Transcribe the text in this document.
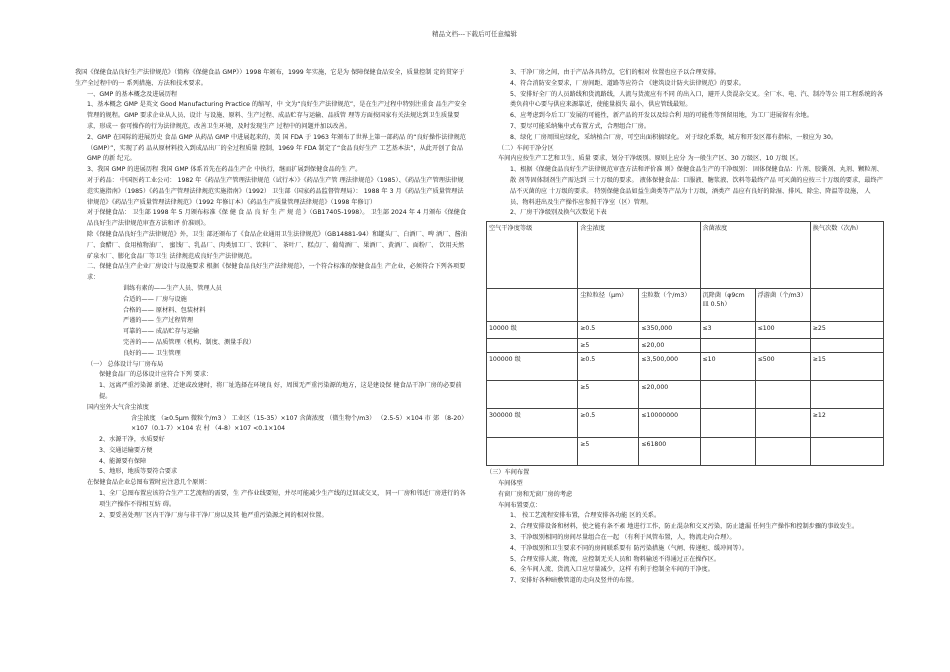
精品文档---下载后可任意编辑

我国《保健食品良好生产法律规范》（简称《保健食品 GMP》）1998 年颁布，1999 年实施，它是为 保障保健食品安全，质量控制 定的贯穿于生产全过程中的一 系列措施、方法和技术要求。

一、GMP 的基本概念及进展历程

1、基本概念 GMP 是英文 Good Manufacturing Practice 的缩写，中 文为“良好生产法律规范”，是在生产过程中特别注重食 品生产安全管理的规程。GMP 要求企业从人员、设计 与设施、原料、生产过程、成品贮存与运输、品质管 理等方面按国家有关法规达到卫生质量要求，形成一 套可操作的行为法律规范，改善卫生环境，及时发现生产 过程中的问题并加以改善。

2、GMP 在国际的进展历史 食品 GMP 从药品 GMP 中进展起来的，美 国 FDA 于 1963 年颁布了世界上第一部药品 的“良好操作法律规范（GMP）”，实现了药 品从原材料投入到成品出厂的全过程质量 控制，1969 年 FDA 制定了“食品良好生产 工艺基本法”，从此开创了食品 GMP 的新 纪元。

3、我国 GMP 的进展历程 我国 GMP 体系首先在药品生产企 中执行，继而扩展到保健食品的生 产。

对于药品： 中国医药工业公司： 1982 年《药品生产管理法律规范（试行本）》《药品生产管 理法律规范》（1985）、《药品生产管理法律规范实施指南》（1985）《药品生产管理法律规范实施指南》（1992） 卫生部（国家药品监督管理局）： 1988 年 3 月《药品生产质量管理法律规范》《药品生产质量管理法律规范》（1992 年修订本）《药品生产质量管理法律规范》（1998 年修订）

对于保健食品： 卫生部 1998 年 5 月颁布标准《保 健 食 品 良 好 生 产 规 范 》（GB17405-1998）。 卫生部 2024 年 4 月颁布《保健食 品良好生产法律规范审查方法和评 价准则》。

除《保健食品良好生产法律规范》外，卫生 部还颁布了《食品企业通用卫生法律规范》（GB14881-94）和罐头厂、白酒厂、啤 酒厂、酱油厂、食醋厂、食用植物油厂、 蜜饯厂、乳品厂、肉类加工厂、饮料厂、 茶叶厂、糕点厂、葡萄酒厂、果酒厂、黄酒厂、面粉厂、 饮用天然矿泉水厂、膨化食品厂等卫生 法律规范成良好生产法律规范。

二、保健食品生产企业厂房设计与设施要求 根据《保健食品良好生产法律规范》，一个符合标准的保健食品生 产企业，必须符合下列各项要求：

训练有素的——生产人员、管理人员

合适的—— 厂房与设施

合格的—— 原材料、包装材料

严谨的—— 生产过程管理

可靠的—— 成品贮存与运输

完善的—— 品质管理（机构、制度、测量手段）

良好的—— 卫生管理

（一） 总体设计与厂房布局

保健食品厂的总体设计应符合下列 要求：

1、远离严重污染源 新建、迁建或改建时，将厂址选择在环境良 好，周围无严重污染源的地方，这是建设保 健食品干净厂房的必要前提。

国内室外大气含尘浓度

含尘浓度 （≥0.5μm 微粒个/m3 ） 工业区（15-35）×107 含菌浓度 （微生物个/m3） （2.5-5）×104 市 郊 （8-20）×107（0.1-7）×104 农 村 （4-8）×107 <0.1×104

2、水源干净，水质要好

3、交通运输要方便

4、能源要有保障

5、地形，地质等要符合要求

在保健食品企业总图布置时应注意几个原则：

1、全厂总图布置应该符合生产工艺流程的需要，生 产作业线要短，并尽可能减少生产线的迂回或交叉， 同一厂房和邻近厂房进行的各项生产操作不得相互妨 碍。

2、要妥善处理厂区内干净厂房与非干净厂房以及其 他严重污染源之间的相对位置。

3、干净厂房之间，由于产品各具特点，它们的相对 位置也应予以合理安排。

4、符合消防安全要求，厂房间距、道路等应符合 《建筑设计防火法律规范》的要求。

5、安排好全厂的人员路线和货流路线，人流与货流应有不同 的出入口，避开人货混杂交叉。全厂水、电、汽、制冷等公 用工程系统的各类负荷中心要与供应来源靠近，使能量损失 最小，供应管线最短。

6、应考虑到今后工厂发展的可能性，新产品的开发以及综合利 用的可能性等预留用地，为工厂进展留有余地。

7、要尽可能采纳集中式布置方式，合理组合厂房。

8、绿化 厂房周围应绿化，采纳植合厂房，可空出面积搞绿化。 对于绿化系数，城方和开发区都有指标，一般应为 30。

（二）车间干净分区

车间内应按生产工艺和卫生、质量 要求，划分干净级别。原则上应分 为一般生产区、30 万级区、10 万级 区。

1、根据《保健食品良好生产法律规范审查方法和评价准 则》保健食品生产的干净级别： 固体保健食品：片剂、胶囊剂、丸剂、颗粒剂、散 剂等固体制剂生产需达到 三十万级的要求。 液体保健食品：口服液、糖浆液、饮料等最终产品 可灭菌的应按三十万级的要求，最终产品不灭菌的应 十万级的要求。 特别保健食品如益生菌类等产品为十万级，酒类产 品应有良好的除湿、排风、除尘、降温等设施， 人 员、物料进出及生产操作应参照干净室（区）管理。

2、厂房干净级别及换气次数见下表

空气干净度等级	含尘浓度		含菌浓度		换气次数（次/h）
	尘粒粒径（μm）	尘粒数（个/m3）	沉降菌（φ9cm 皿 0.5h）	浮游菌（个/m3）	
10000 级	≥0.5	≤350,000	≤3	≤100	≥25
	≥5	≤20,00			
100000 级	≥0.5	≤3,500,000	≤10	≤500	≥15
	≥5	≤20,000			
300000 级	≥0.5	≤10000000			≥12
	≥5	≤61800			

（三）车间布置

车间体型

有窗厂房和无窗厂房的考虑

车间布置要点：

1、 按工艺流程安排布置，合理安排各功能 区的关系。

2、合理安排设备和材料，使之能有条不紊 地进行工作，防止混杂和交叉污染，防止遗漏 任何生产操作和控制步骤的事故发生。

3、干净级别相同的房间尽量组合在一起 （有利于风管布置，人，物流走向合理）。

4、干净级别和卫生要求不同的房间联系要有 防污染措施（气闸、传递柜、缓冲间等）。

5、合理安排人流、物流，应控制无关人员和 物料输送不得通过正在操作区。

6、全车间人流、货流入口应尽量减少，这样 有利于控制全车间的干净度。

7、安排好各种暗敷管道的走向及竖井的布置。
